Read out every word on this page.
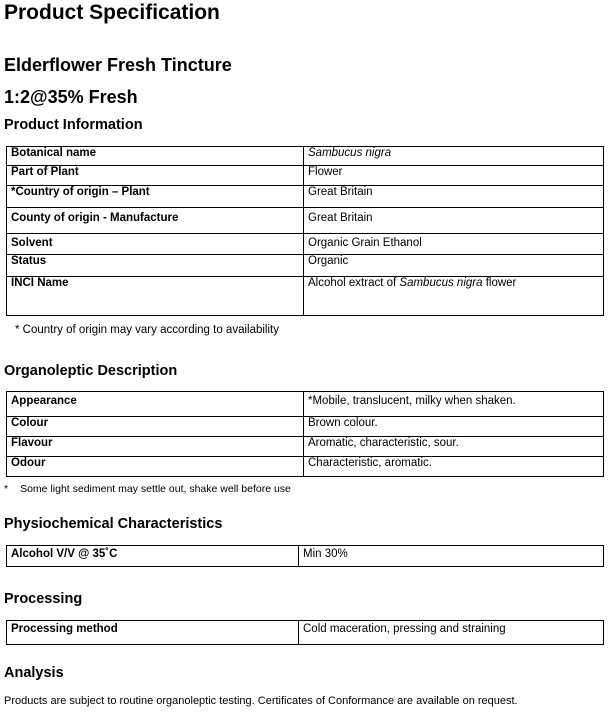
Product Specification
Elderflower Fresh Tincture
1:2@35% Fresh
Product Information
Botanical name	Sambucus nigra
Part of Plant	Flower
*Country of origin – Plant	Great Britain
County of origin - Manufacture	Great Britain
Solvent	Organic Grain Ethanol
Status	Organic
INCI Name	Alcohol extract of Sambucus nigra flower
* Country of origin may vary according to availability
Organoleptic Description
Appearance	*Mobile, translucent, milky when shaken.
Colour	Brown colour.
Flavour	Aromatic, characteristic, sour.
Odour	Characteristic, aromatic.
* Some light sediment may settle out, shake well before use
Physiochemical Characteristics
Alcohol V/V @ 35˚C	Min 30%
Processing
Processing method	Cold maceration, pressing and straining
Analysis
Products are subject to routine organoleptic testing. Certificates of Conformance are available on request.
